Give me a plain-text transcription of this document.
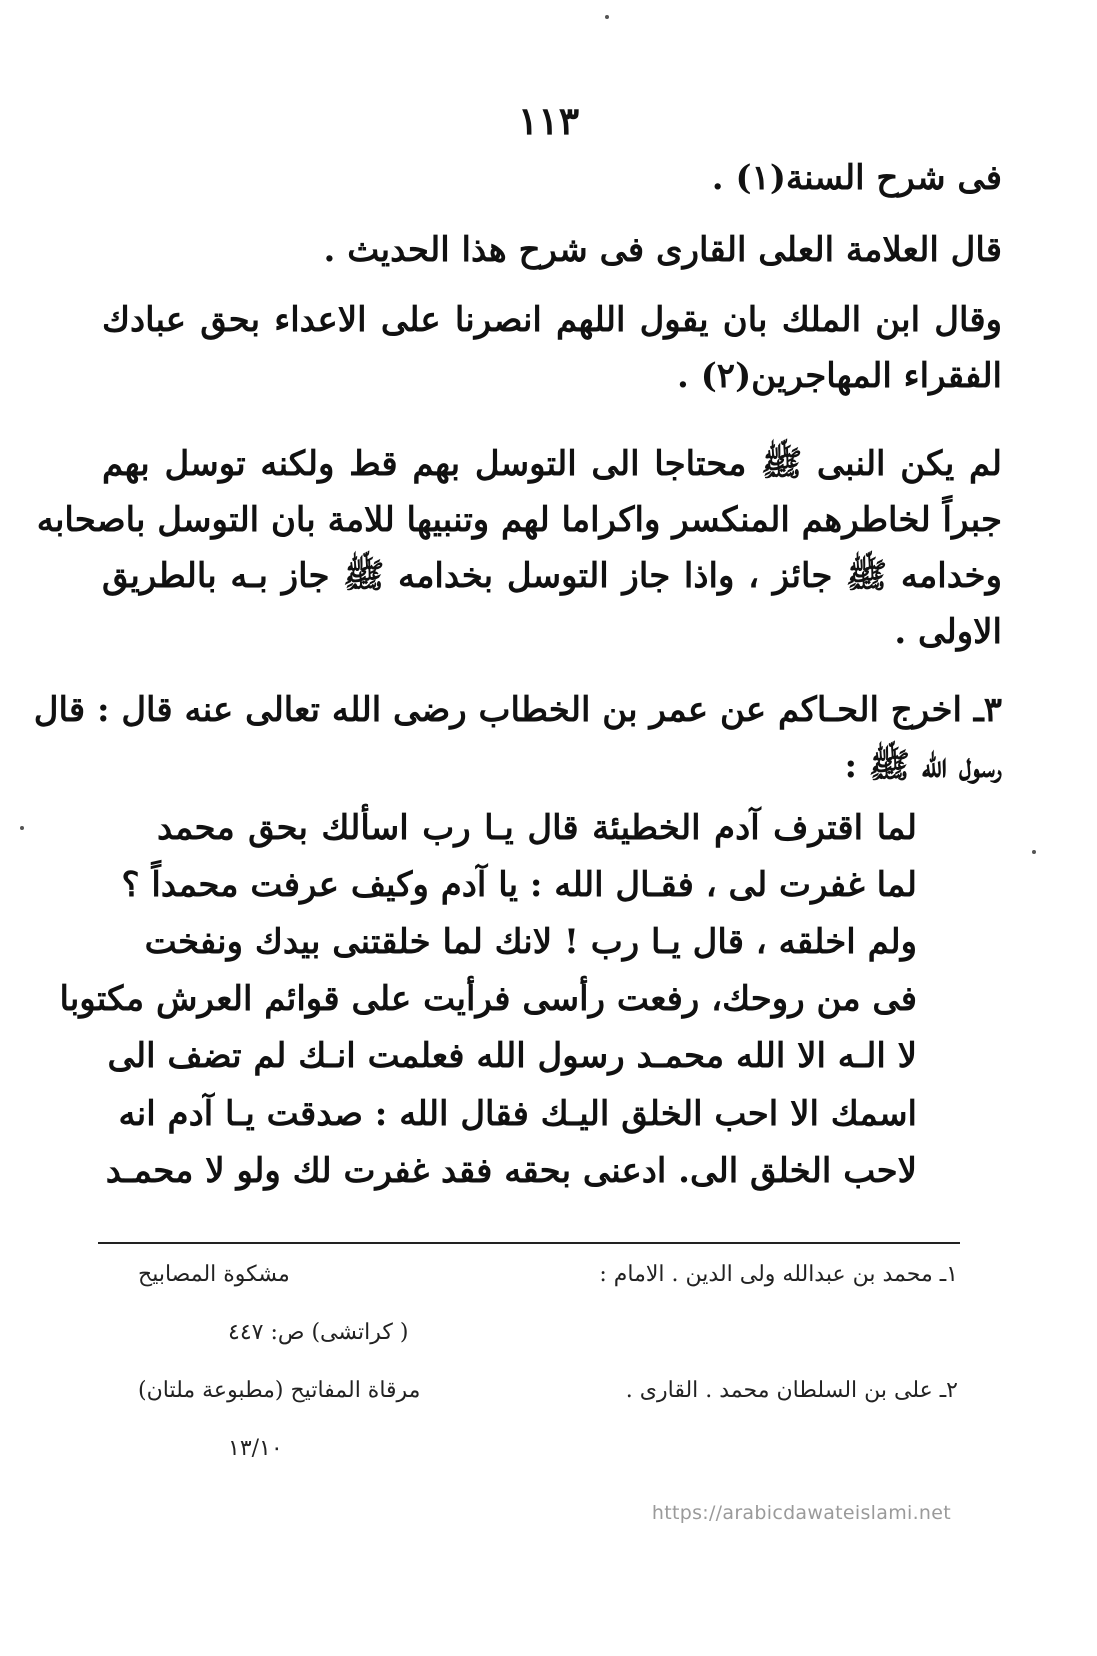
١١٣
فى شرح السنة(١) .
قال العلامة العلى القارى فى شرح هذا الحديث .
وقال ابن الملك بان يقول اللهم انصرنا على الاعداء بحق عبادك
الفقراء المهاجرين(٢) .
لم يكن النبى ﷺ محتاجا الى التوسل بهم قط ولكنه توسل بهم
جبراً لخاطرهم المنكسر واكراما لهم وتنبيها للامة بان التوسل باصحابه
وخدامه ﷺ جائز ، واذا جاز التوسل بخدامه ﷺ جاز بـه بالطريق
الاولى .
٣ـ اخرج الحـاكم عن عمر بن الخطاب رضى الله تعالى عنه قال : قال
رسول الله ﷺ :
لما اقترف آدم الخطيئة قال يـا رب اسألك بحق محمد
لما غفرت لى ، فقـال الله : يا آدم وكيف عرفت محمداً ؟
ولم اخلقه ، قال يـا رب ! لانك لما خلقتنى بيدك ونفخت
فى من روحك، رفعت رأسى فرأيت على قوائم العرش مكتوبا
لا الـه الا الله محمـد رسول الله فعلمت انـك لم تضف الى
اسمك الا احب الخلق اليـك فقال الله : صدقت يـا آدم انه
لاحب الخلق الى. ادعنى بحقه فقد غفرت لك ولو لا محمـد
١ـ محمد بن عبدالله ولى الدين . الامام :
مشكوة المصابيح
( كراتشى) ص: ٤٤٧
٢ـ على بن السلطان محمد . القارى .
مرقاة المفاتيح (مطبوعة ملتان)
١٣/١٠
https://arabicdawateislami.net
